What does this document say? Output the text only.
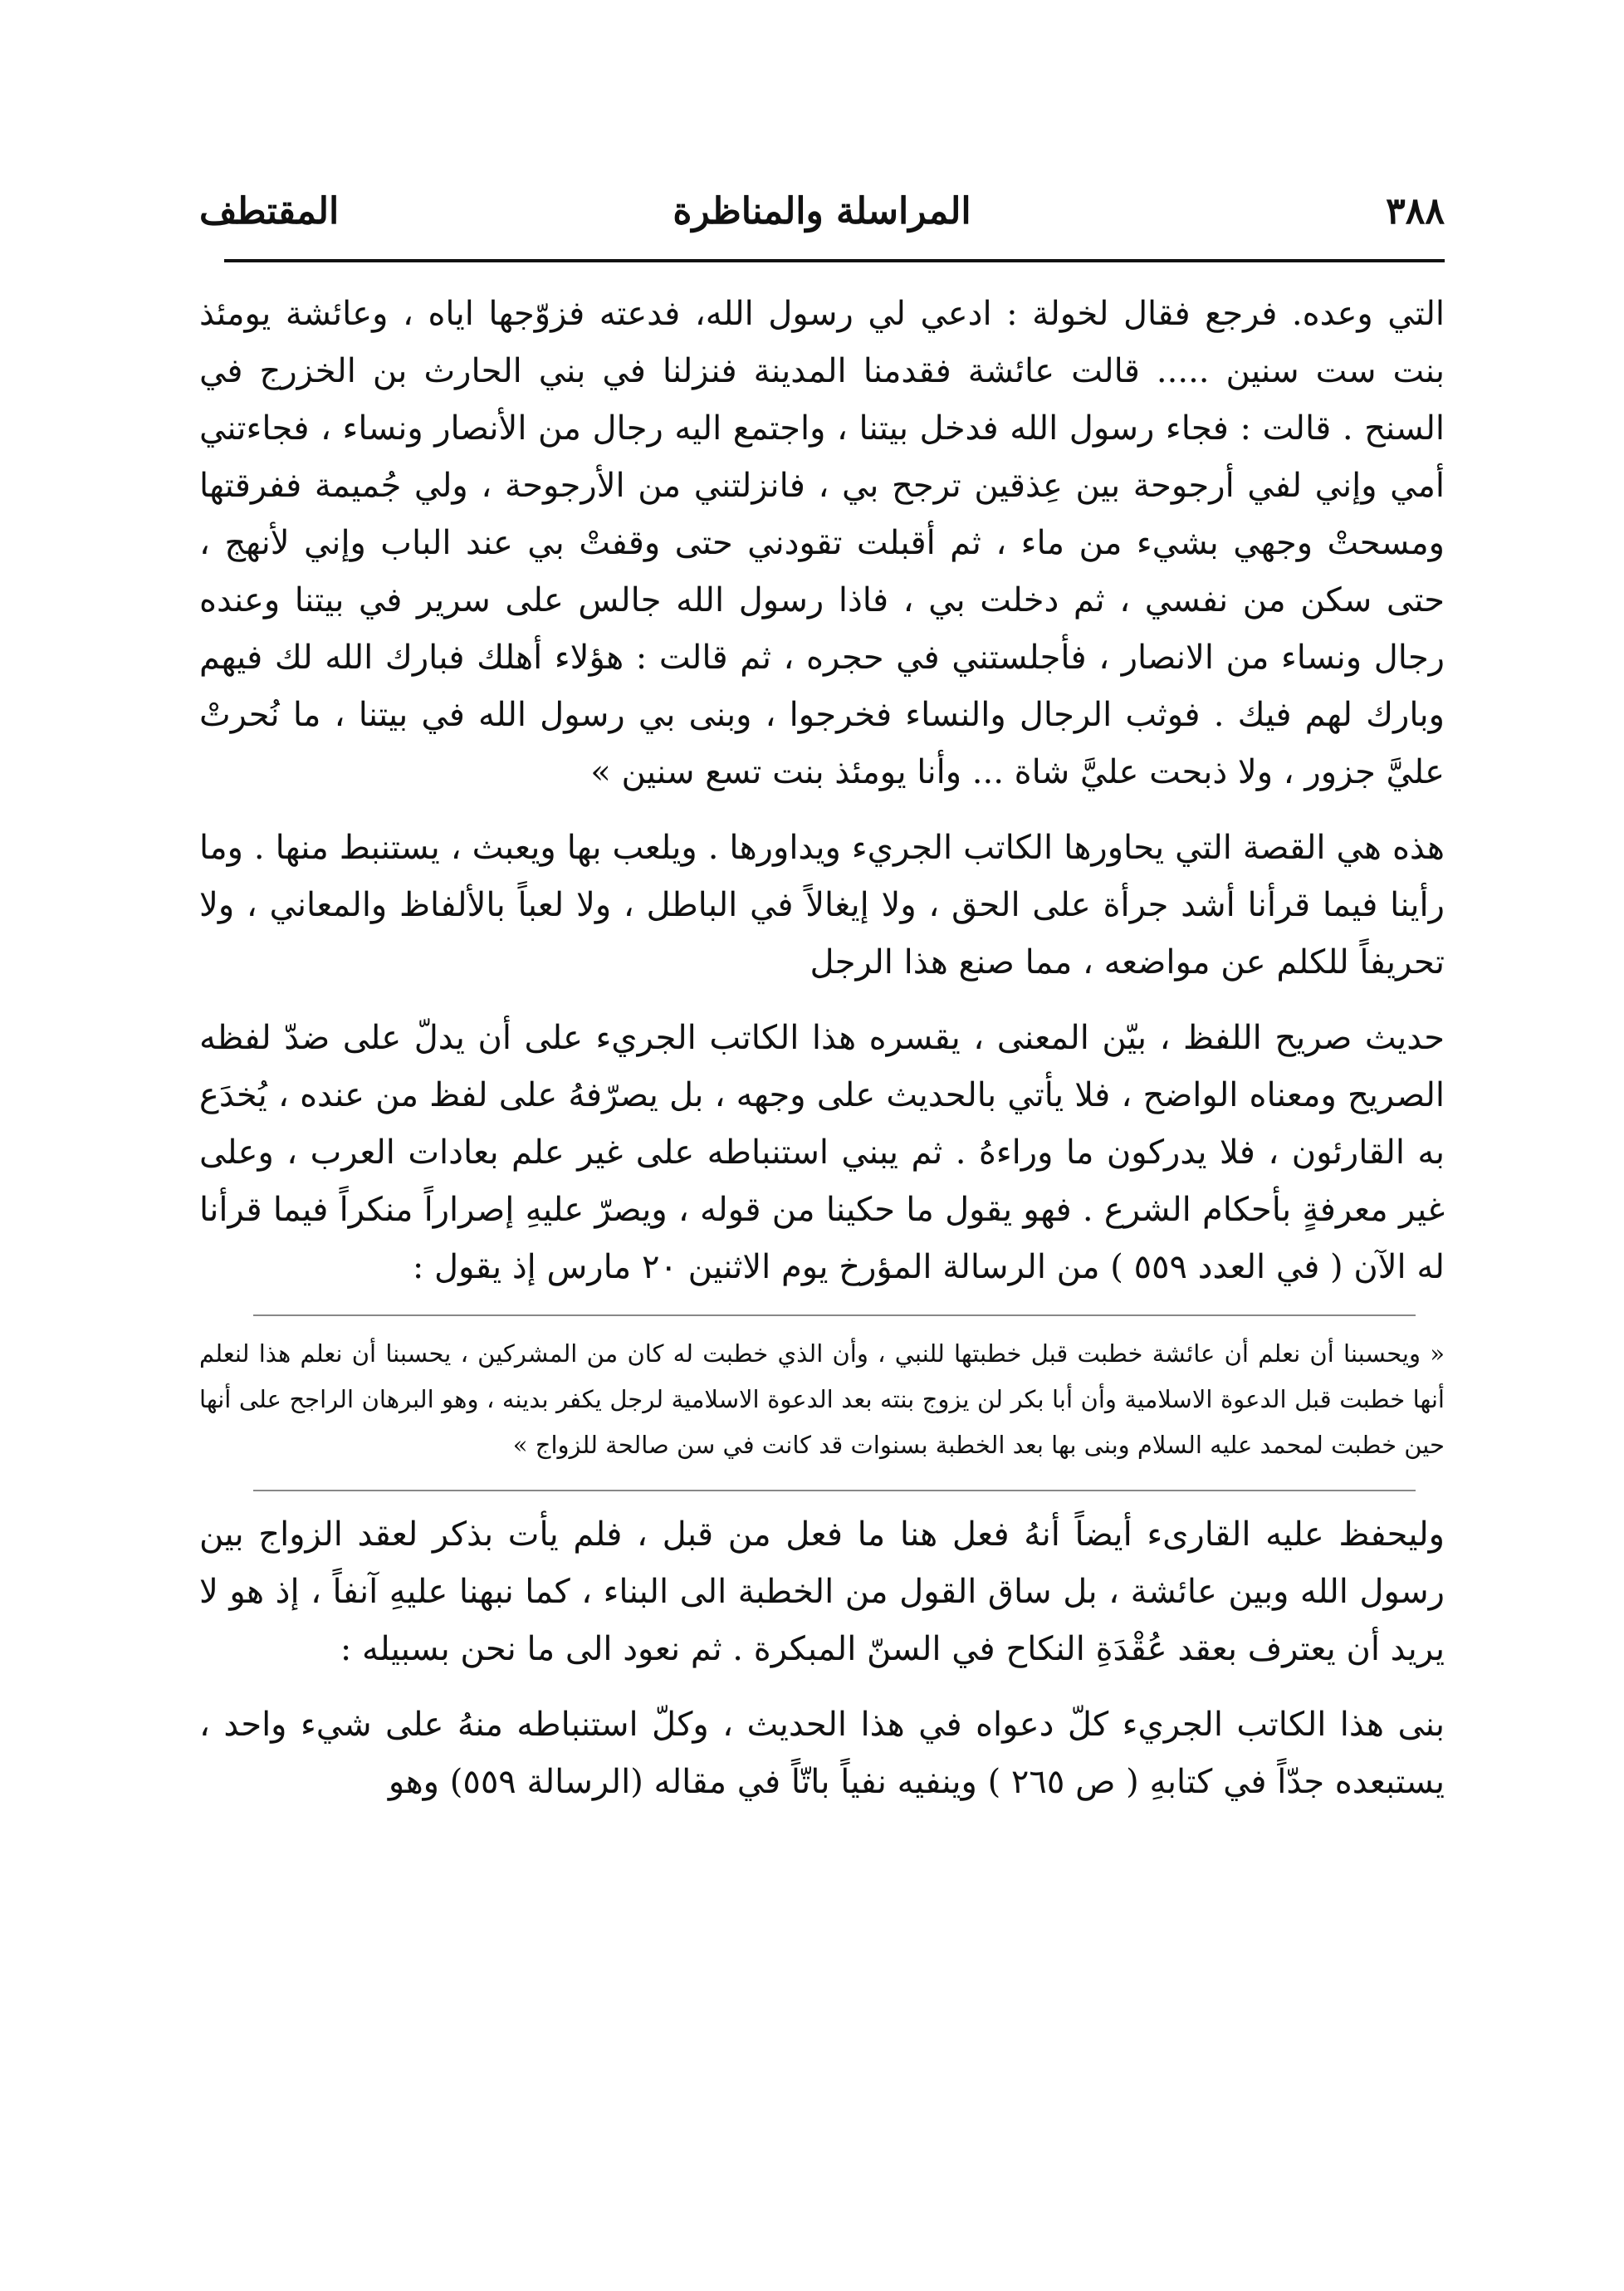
٣٨٨
المراسلة والمناظرة
المقتطف

التي وعده. فرجع فقال لخولة : ادعي لي رسول الله، فدعته فزوّجها اياه ، وعائشة يومئذ بنت ست سنين ..... قالت عائشة فقدمنا المدينة فنزلنا في بني الحارث بن الخزرج في السنح . قالت : فجاء رسول الله فدخل بيتنا ، واجتمع اليه رجال من الأنصار ونساء ، فجاءتني أمي وإني لفي أرجوحة بين عِذقين ترجح بي ، فانزلتني من الأرجوحة ، ولي جُميمة ففرقتها ومسحتْ وجهي بشيء من ماء ، ثم أقبلت تقودني حتى وقفتْ بي عند الباب وإني لأنهج ، حتى سكن من نفسي ، ثم دخلت بي ، فاذا رسول الله جالس على سرير في بيتنا وعنده رجال ونساء من الانصار ، فأجلستني في حجره ، ثم قالت : هؤلاء أهلك فبارك الله لك فيهم وبارك لهم فيك . فوثب الرجال والنساء فخرجوا ، وبنى بي رسول الله في بيتنا ، ما نُحرتْ عليَّ جزور ، ولا ذبحت عليَّ شاة ... وأنا يومئذ بنت تسع سنين »

هذه هي القصة التي يحاورها الكاتب الجريء ويداورها . ويلعب بها ويعبث ، يستنبط منها . وما رأينا فيما قرأنا أشد جرأة على الحق ، ولا إيغالاً في الباطل ، ولا لعباً بالألفاظ والمعاني ، ولا تحريفاً للكلم عن مواضعه ، مما صنع هذا الرجل

حديث صريح اللفظ ، بيّن المعنى ، يقسره هذا الكاتب الجريء على أن يدلّ على ضدّ لفظه الصريح ومعناه الواضح ، فلا يأتي بالحديث على وجهه ، بل يصرّفهُ على لفظ من عنده ، يُخدَع به القارئون ، فلا يدركون ما وراءهُ . ثم يبني استنباطه على غير علم بعادات العرب ، وعلى غير معرفةٍ بأحكام الشرع . فهو يقول ما حكينا من قوله ، ويصرّ عليهِ إصراراً منكراً فيما قرأنا له الآن ( في العدد ٥٥٩ ) من الرسالة المؤرخ يوم الاثنين ٢٠ مارس إذ يقول :

« ويحسبنا أن نعلم أن عائشة خطبت قبل خطبتها للنبي ، وأن الذي خطبت له كان من المشركين ، يحسبنا أن نعلم هذا لنعلم أنها خطبت قبل الدعوة الاسلامية وأن أبا بكر لن يزوج بنته بعد الدعوة الاسلامية لرجل يكفر بدينه ، وهو البرهان الراجح على أنها حين خطبت لمحمد عليه السلام وبنى بها بعد الخطبة بسنوات قد كانت في سن صالحة للزواج »

وليحفظ عليه القارىء أيضاً أنهُ فعل هنا ما فعل من قبل ، فلم يأت بذكر لعقد الزواج بين رسول الله وبين عائشة ، بل ساق القول من الخطبة الى البناء ، كما نبهنا عليهِ آنفاً ، إذ هو لا يريد أن يعترف بعقد عُقْدَةِ النكاح في السنّ المبكرة . ثم نعود الى ما نحن بسبيله :

بنى هذا الكاتب الجريء كلّ دعواه في هذا الحديث ، وكلّ استنباطه منهُ على شيء واحد ، يستبعده جدّاً في كتابهِ ( ص ٢٦٥ ) وينفيه نفياً باتّاً في مقاله (الرسالة ٥٥٩) وهو
